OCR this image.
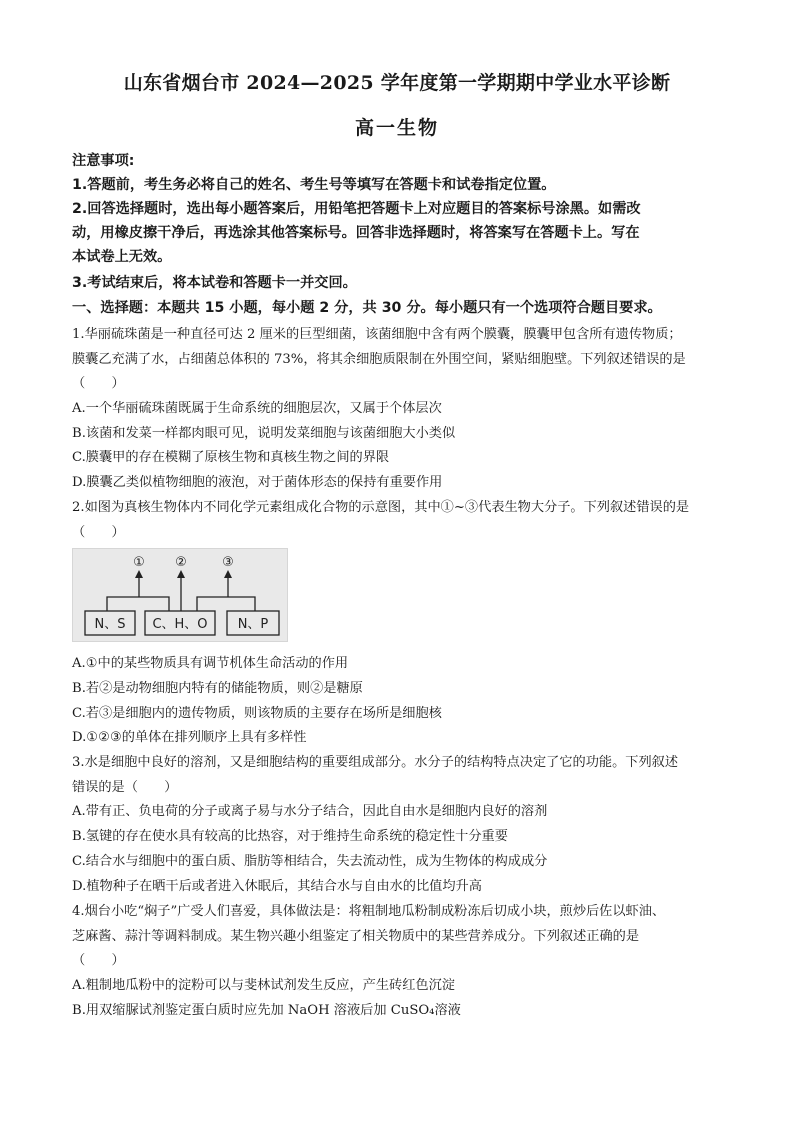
山东省烟台市 2024—2025 学年度第一学期期中学业水平诊断
高一生物
注意事项:
1.答题前，考生务必将自己的姓名、考生号等填写在答题卡和试卷指定位置。
2.回答选择题时，选出每小题答案后，用铅笔把答题卡上对应题目的答案标号涂黑。如需改
动，用橡皮擦干净后，再选涂其他答案标号。回答非选择题时，将答案写在答题卡上。写在
本试卷上无效。
3.考试结束后，将本试卷和答题卡一并交回。
一、选择题：本题共 15 小题，每小题 2 分，共 30 分。每小题只有一个选项符合题目要求。
1.华丽硫珠菌是一种直径可达 2 厘米的巨型细菌，该菌细胞中含有两个膜囊，膜囊甲包含所有遗传物质；
膜囊乙充满了水，占细菌总体积的 73%，将其余细胞质限制在外围空间，紧贴细胞壁。下列叙述错误的是
（　　）
A.一个华丽硫珠菌既属于生命系统的细胞层次，又属于个体层次
B.该菌和发菜一样都肉眼可见，说明发菜细胞与该菌细胞大小类似
C.膜囊甲的存在模糊了原核生物和真核生物之间的界限
D.膜囊乙类似植物细胞的液泡，对于菌体形态的保持有重要作用
2.如图为真核生物体内不同化学元素组成化合物的示意图，其中①~③代表生物大分子。下列叙述错误的是
（　　）
① ②	③
N、S C、H、O N、P
A.①中的某些物质具有调节机体生命活动的作用
B.若②是动物细胞内特有的储能物质，则②是糖原
C.若③是细胞内的遗传物质，则该物质的主要存在场所是细胞核
D.①②③的单体在排列顺序上具有多样性
3.水是细胞中良好的溶剂，又是细胞结构的重要组成部分。水分子的结构特点决定了它的功能。下列叙述
错误的是（　　）
A.带有正、负电荷的分子或离子易与水分子结合，因此自由水是细胞内良好的溶剂
B.氢键的存在使水具有较高的比热容，对于维持生命系统的稳定性十分重要
C.结合水与细胞中的蛋白质、脂肪等相结合，失去流动性，成为生物体的构成成分
D.植物种子在晒干后或者进入休眠后，其结合水与自由水的比值均升高
4.烟台小吃“焖子”广受人们喜爱，具体做法是：将粗制地瓜粉制成粉冻后切成小块，煎炒后佐以虾油、
芝麻酱、蒜汁等调料制成。某生物兴趣小组鉴定了相关物质中的某些营养成分。下列叙述正确的是
（　　）
A.粗制地瓜粉中的淀粉可以与斐林试剂发生反应，产生砖红色沉淀
B.用双缩脲试剂鉴定蛋白质时应先加 NaOH 溶液后加 CuSO₄溶液
